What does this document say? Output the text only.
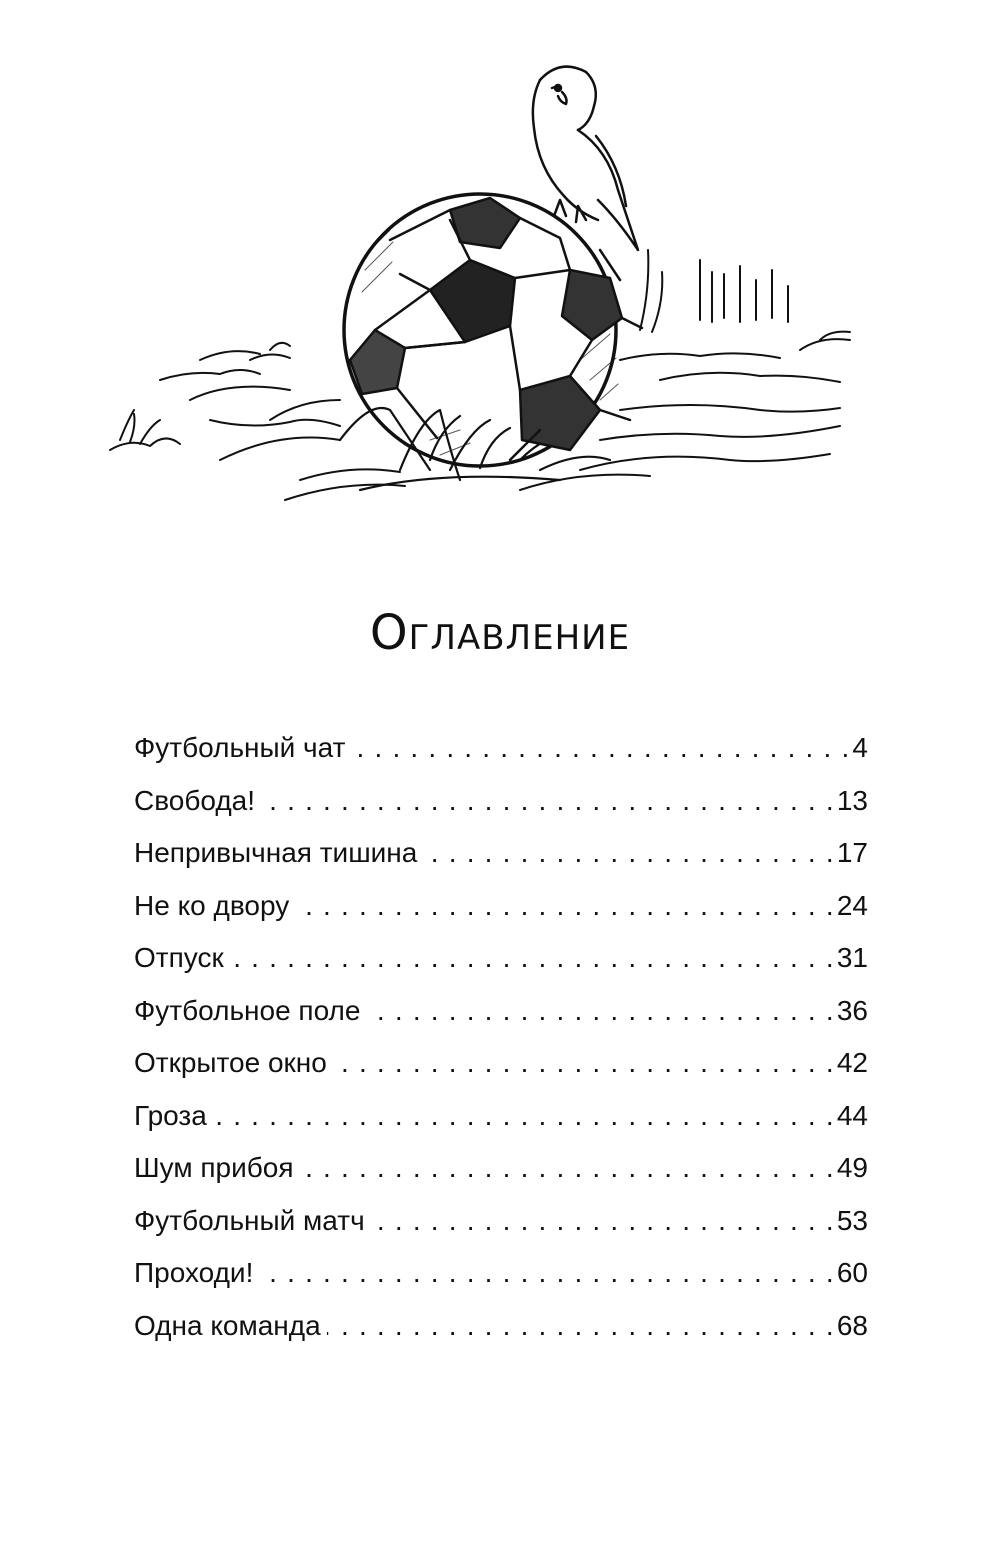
Оглавление
Футбольный чат . . .	4
Свобода! . . .	13
Непривычная тишина . . .	17
Не ко двору . . .	24
Отпуск . . .	31
Футбольное поле . . .	36
Открытое окно . . .	42
Гроза . . .	44
Шум прибоя . . .	49
Футбольный матч . . .	53
Проходи! . . .	60
Одна команда . . .	68
